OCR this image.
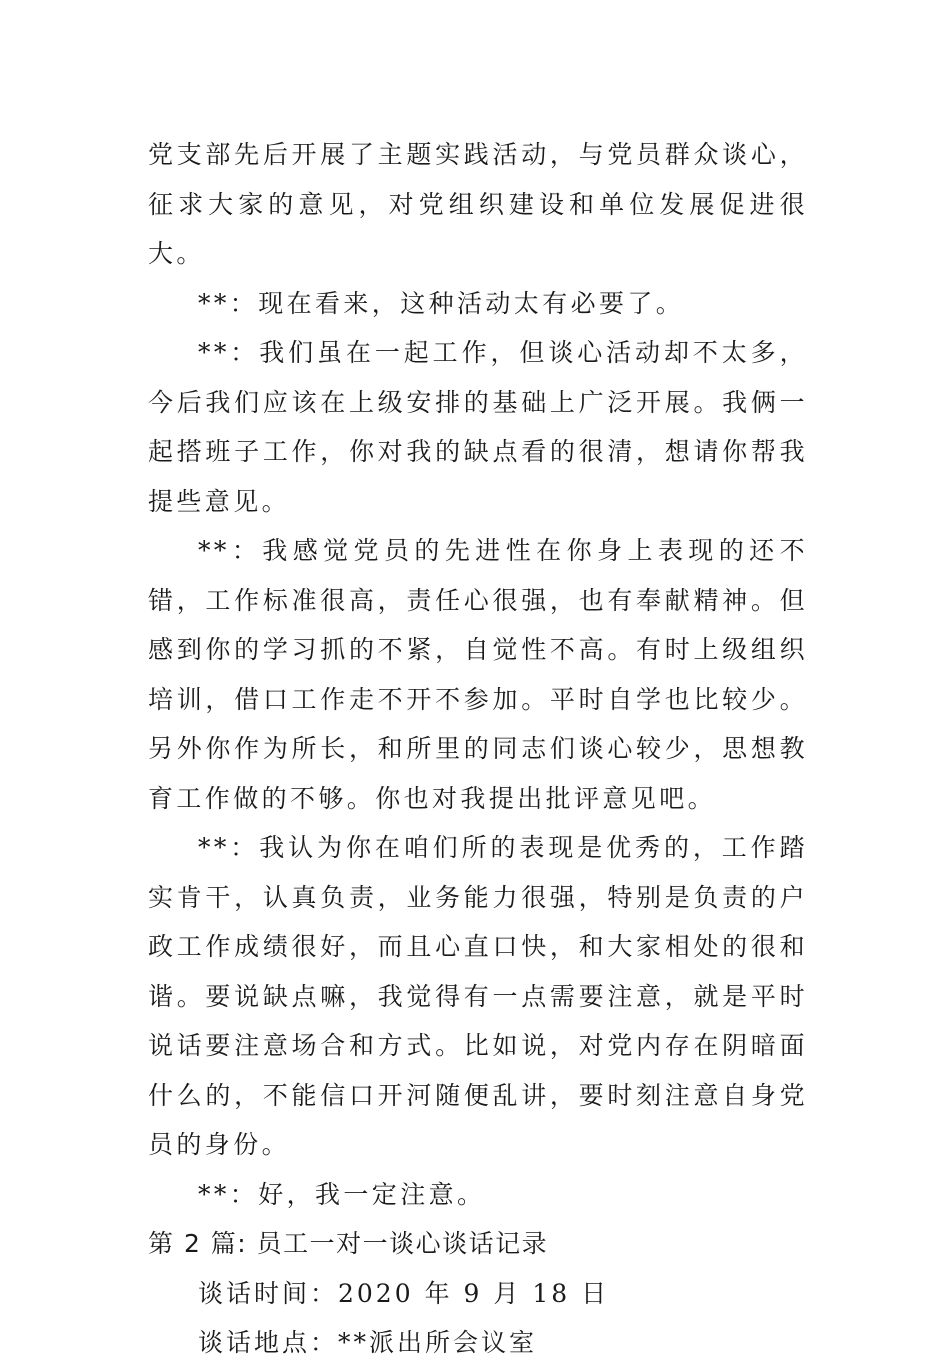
党支部先后开展了主题实践活动，与党员群众谈心，征求大家的意见，对党组织建设和单位发展促进很大。

**：现在看来，这种活动太有必要了。

**：我们虽在一起工作，但谈心活动却不太多，今后我们应该在上级安排的基础上广泛开展。我俩一起搭班子工作，你对我的缺点看的很清，想请你帮我提些意见。

**：我感觉党员的先进性在你身上表现的还不错，工作标准很高，责任心很强，也有奉献精神。但感到你的学习抓的不紧，自觉性不高。有时上级组织培训，借口工作走不开不参加。平时自学也比较少。另外你作为所长，和所里的同志们谈心较少，思想教育工作做的不够。你也对我提出批评意见吧。

**：我认为你在咱们所的表现是优秀的，工作踏实肯干，认真负责，业务能力很强，特别是负责的户政工作成绩很好，而且心直口快，和大家相处的很和谐。要说缺点嘛，我觉得有一点需要注意，就是平时说话要注意场合和方式。比如说，对党内存在阴暗面什么的，不能信口开河随便乱讲，要时刻注意自身党员的身份。

**：好，我一定注意。

第 2 篇: 员工一对一谈心谈话记录

谈话时间：2020 年 9 月 18 日

谈话地点：**派出所会议室
